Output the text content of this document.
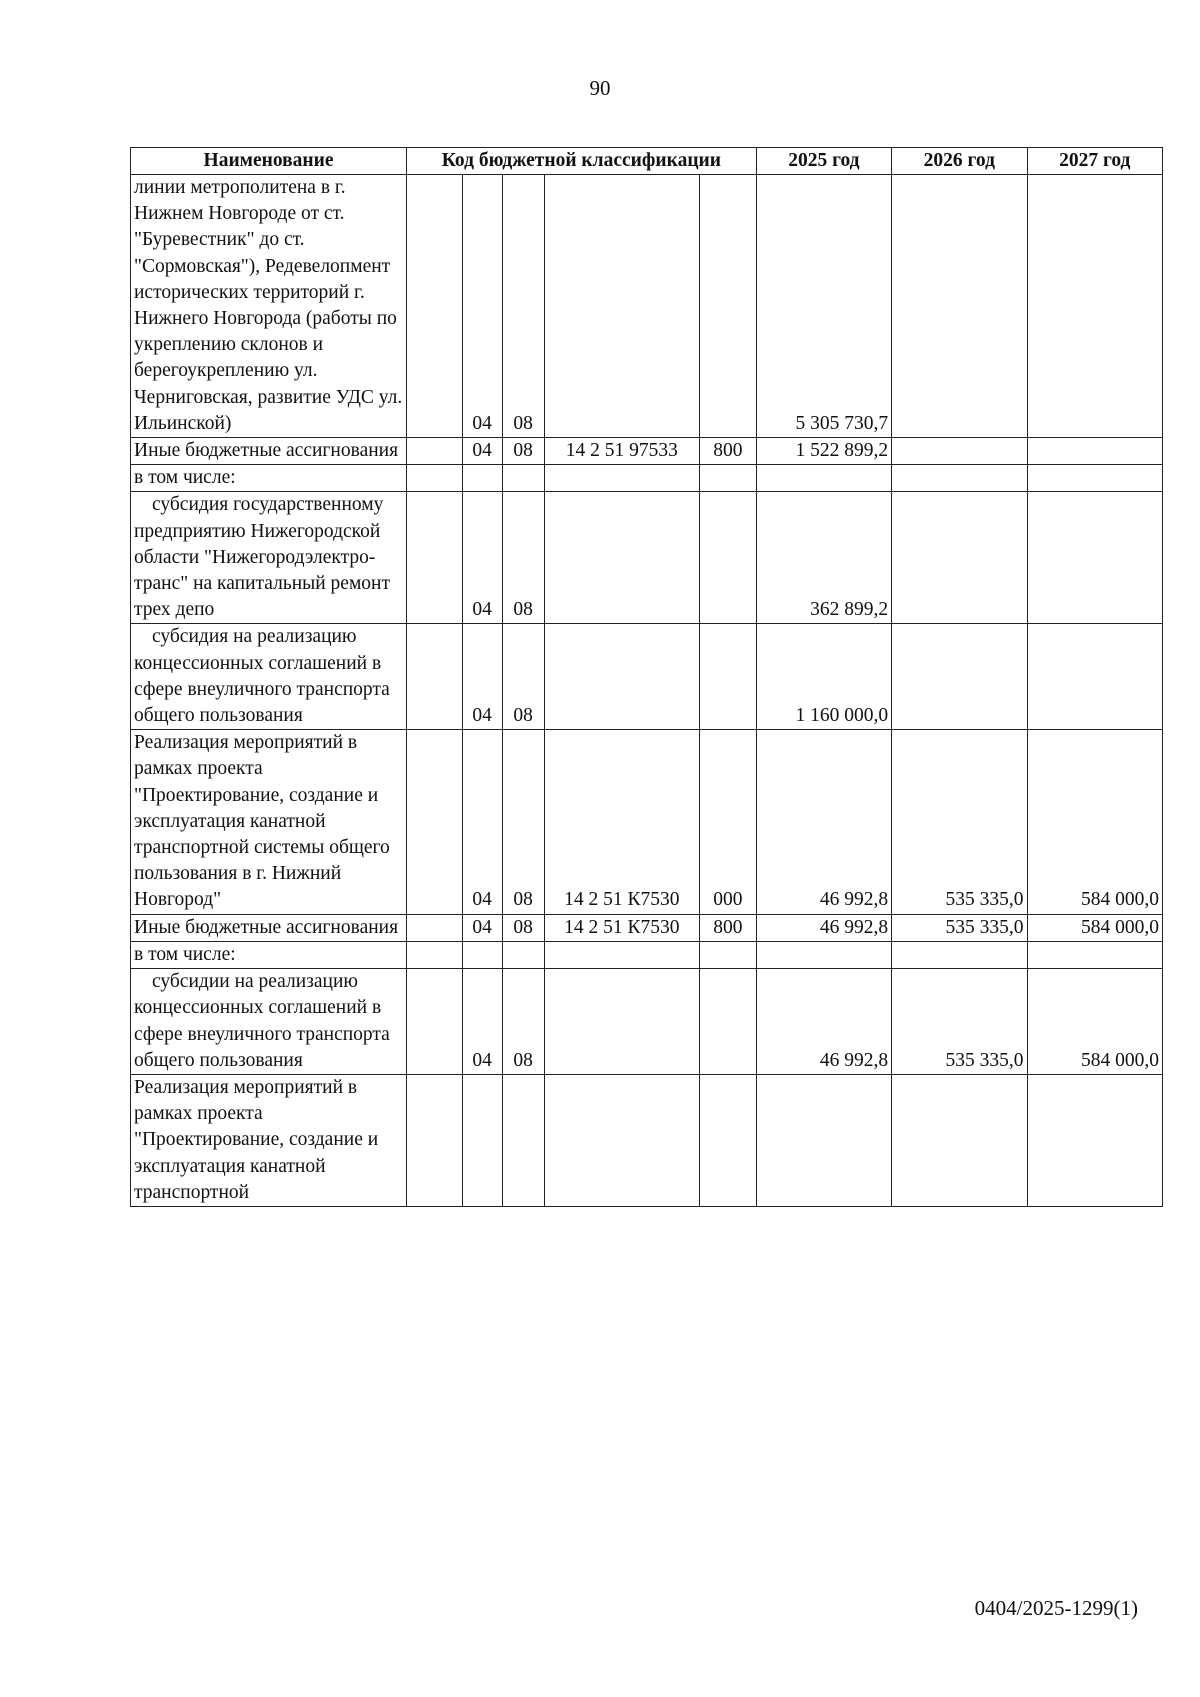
90
Наименование	Код бюджетной классификации					2025 год	2026 год	2027 год
линии метрополитена в г. Нижнем Новгороде от ст. "Буревестник" до ст. "Сормовская"), Редевелопмент исторических территорий г. Нижнего Новгорода (работы по укреплению склонов и берегоукреплению ул. Черниговская, развитие УДС ул. Ильинской)		04	08			5 305 730,7		
Иные бюджетные ассигнования		04	08	14 2 51 97533	800	1 522 899,2		
в том числе:								
субсидия государственному предприятию Нижегородской области "Нижегородэлектро-транс" на капитальный ремонт трех депо		04	08			362 899,2		
субсидия на реализацию концессионных соглашений в сфере внеуличного транспорта общего пользования		04	08			1 160 000,0		
Реализация мероприятий в рамках проекта "Проектирование, создание и эксплуатация канатной транспортной системы общего пользования в г. Нижний Новгород"		04	08	14 2 51 К7530	000	46 992,8	535 335,0	584 000,0
Иные бюджетные ассигнования		04	08	14 2 51 К7530	800	46 992,8	535 335,0	584 000,0
в том числе:								
субсидии на реализацию концессионных соглашений в сфере внеуличного транспорта общего пользования		04	08			46 992,8	535 335,0	584 000,0
Реализация мероприятий в рамках проекта "Проектирование, создание и эксплуатация канатной транспортной								
0404/2025-1299(1)
